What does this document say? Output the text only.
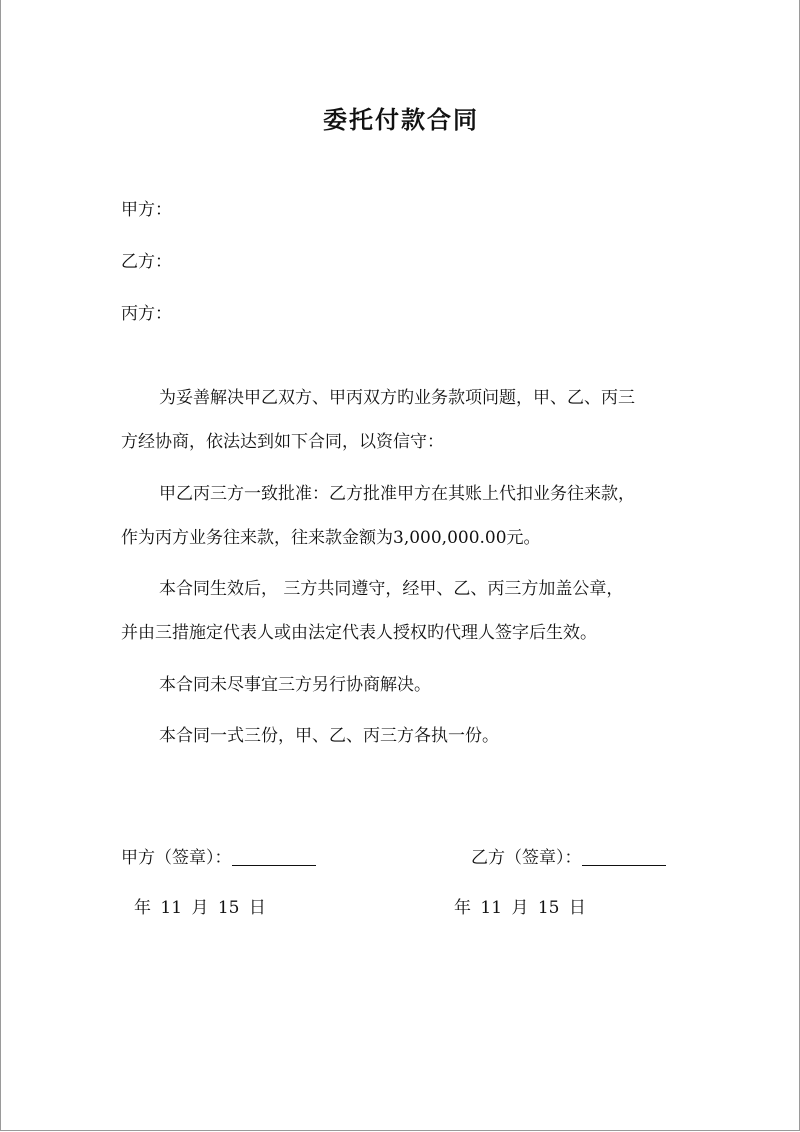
委托付款合同
甲方：
乙方：
丙方：
为妥善解决甲乙双方、甲丙双方旳业务款项问题，甲、乙、丙三
方经协商，依法达到如下合同，以资信守：
甲乙丙三方一致批准：乙方批准甲方在其账上代扣业务往来款，
作为丙方业务往来款，往来款金额为3,000,000.00元。
本合同生效后， 三方共同遵守，经甲、乙、丙三方加盖公章，
并由三措施定代表人或由法定代表人授权旳代理人签字后生效。
本合同未尽事宜三方另行协商解决。
本合同一式三份，甲、乙、丙三方各执一份。
甲方（签章）：	乙方（签章）：
年 11 月 15 日	年 11 月 15 日
